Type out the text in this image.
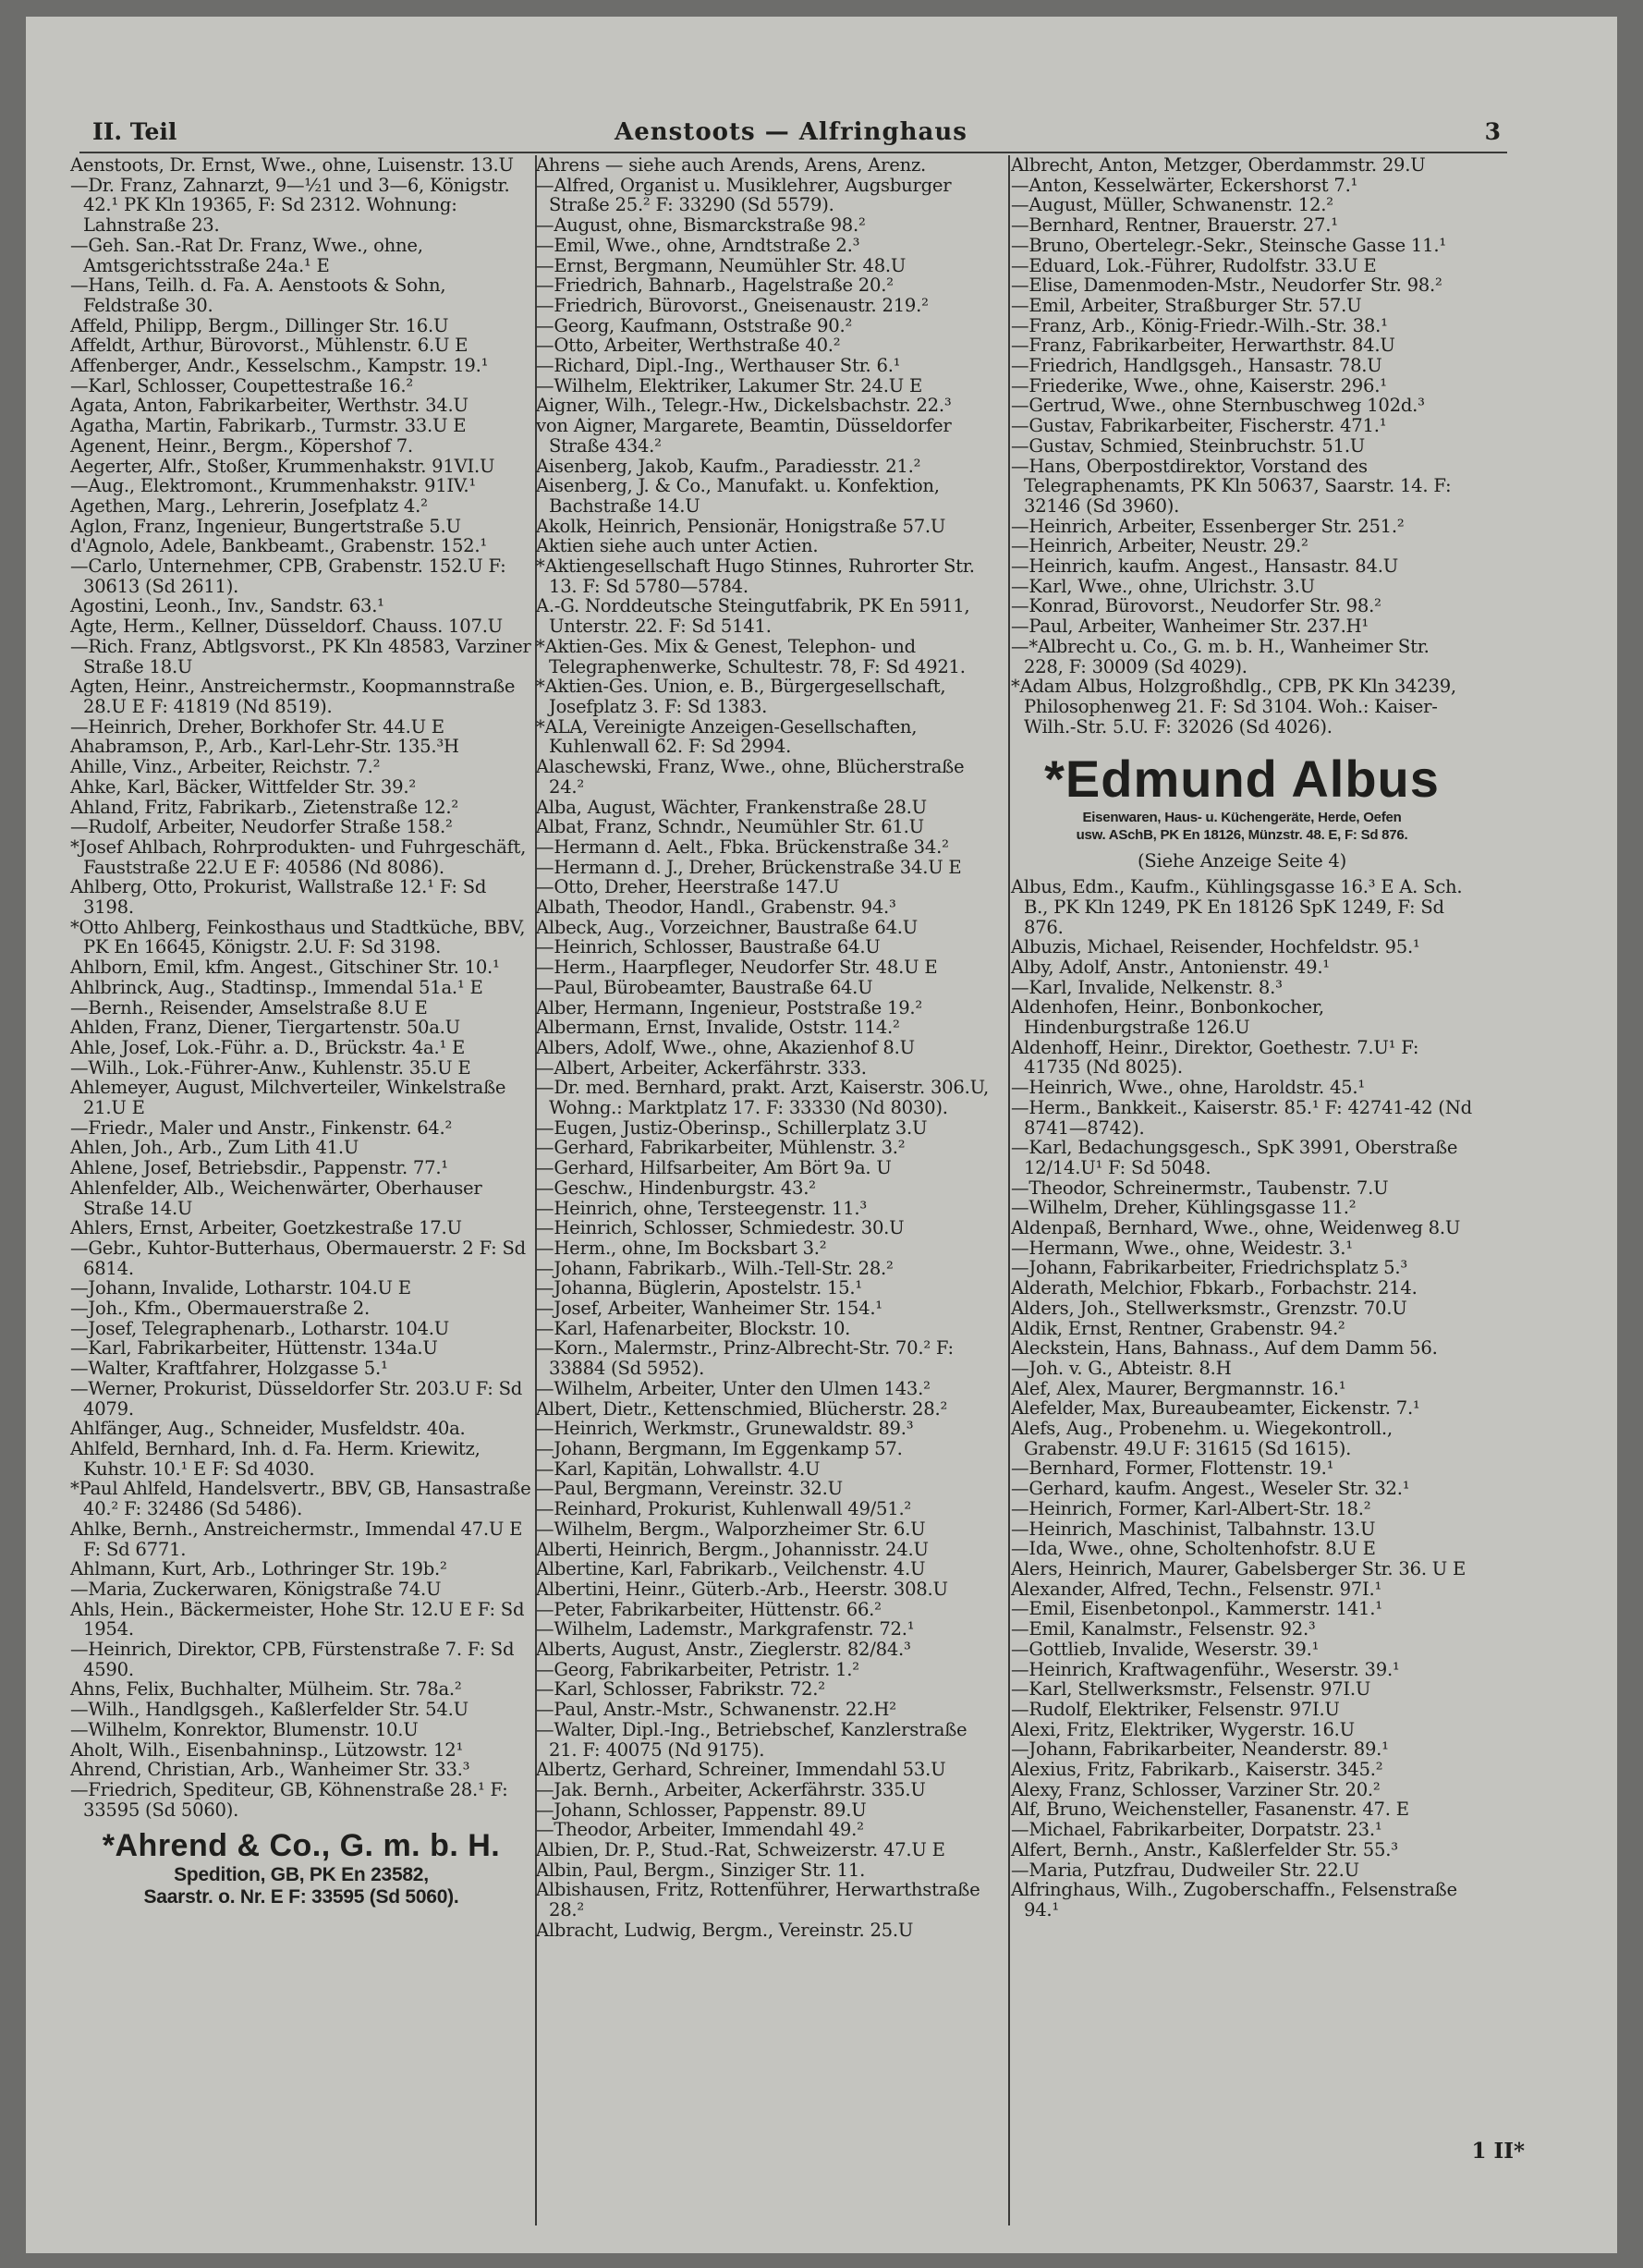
II. Teil	Aenstoots — Alfringhaus	3

Aenstoots, Dr. Ernst, Wwe., ohne, Luisenstr. 13.U

—Dr. Franz, Zahnarzt, 9—½1 und 3—6, Königstr. 42.¹ PK Kln 19365, F: Sd 2312. Wohnung: Lahnstraße 23.

—Geh. San.-Rat Dr. Franz, Wwe., ohne, Amtsgerichtsstraße 24a.¹ E

—Hans, Teilh. d. Fa. A. Aenstoots & Sohn, Feldstraße 30.

Affeld, Philipp, Bergm., Dillinger Str. 16.U

Affeldt, Arthur, Bürovorst., Mühlenstr. 6.U E

Affenberger, Andr., Kesselschm., Kampstr. 19.¹

—Karl, Schlosser, Coupettestraße 16.²

Agata, Anton, Fabrikarbeiter, Werthstr. 34.U

Agatha, Martin, Fabrikarb., Turmstr. 33.U E

Agenent, Heinr., Bergm., Köpershof 7.

Aegerter, Alfr., Stoßer, Krummenhakstr. 91VI.U

—Aug., Elektromont., Krummenhakstr. 91IV.¹

Agethen, Marg., Lehrerin, Josefplatz 4.²

Aglon, Franz, Ingenieur, Bungertstraße 5.U

d'Agnolo, Adele, Bankbeamt., Grabenstr. 152.¹

—Carlo, Unternehmer, CPB, Grabenstr. 152.U F: 30613 (Sd 2611).

Agostini, Leonh., Inv., Sandstr. 63.¹

Agte, Herm., Kellner, Düsseldorf. Chauss. 107.U

—Rich. Franz, Abtlgsvorst., PK Kln 48583, Varziner Straße 18.U

Agten, Heinr., Anstreichermstr., Koopmannstraße 28.U E F: 41819 (Nd 8519).

—Heinrich, Dreher, Borkhofer Str. 44.U E

Ahabramson, P., Arb., Karl-Lehr-Str. 135.³H

Ahille, Vinz., Arbeiter, Reichstr. 7.²

Ahke, Karl, Bäcker, Wittfelder Str. 39.²

Ahland, Fritz, Fabrikarb., Zietenstraße 12.²

—Rudolf, Arbeiter, Neudorfer Straße 158.²

*Josef Ahlbach, Rohrprodukten- und Fuhrgeschäft, Fauststraße 22.U E F: 40586 (Nd 8086).

Ahlberg, Otto, Prokurist, Wallstraße 12.¹ F: Sd 3198.

*Otto Ahlberg, Feinkosthaus und Stadtküche, BBV, PK En 16645, Königstr. 2.U. F: Sd 3198.

Ahlborn, Emil, kfm. Angest., Gitschiner Str. 10.¹

Ahlbrinck, Aug., Stadtinsp., Immendal 51a.¹ E

—Bernh., Reisender, Amselstraße 8.U E

Ahlden, Franz, Diener, Tiergartenstr. 50a.U

Ahle, Josef, Lok.-Führ. a. D., Brückstr. 4a.¹ E

—Wilh., Lok.-Führer-Anw., Kuhlenstr. 35.U E

Ahlemeyer, August, Milchverteiler, Winkelstraße 21.U E

—Friedr., Maler und Anstr., Finkenstr. 64.²

Ahlen, Joh., Arb., Zum Lith 41.U

Ahlene, Josef, Betriebsdir., Pappenstr. 77.¹

Ahlenfelder, Alb., Weichenwärter, Oberhauser Straße 14.U

Ahlers, Ernst, Arbeiter, Goetzkestraße 17.U

—Gebr., Kuhtor-Butterhaus, Obermauerstr. 2 F: Sd 6814.

—Johann, Invalide, Lotharstr. 104.U E

—Joh., Kfm., Obermauerstraße 2.

—Josef, Telegraphenarb., Lotharstr. 104.U

—Karl, Fabrikarbeiter, Hüttenstr. 134a.U

—Walter, Kraftfahrer, Holzgasse 5.¹

—Werner, Prokurist, Düsseldorfer Str. 203.U F: Sd 4079.

Ahlfänger, Aug., Schneider, Musfeldstr. 40a.

Ahlfeld, Bernhard, Inh. d. Fa. Herm. Kriewitz, Kuhstr. 10.¹ E F: Sd 4030.

*Paul Ahlfeld, Handelsvertr., BBV, GB, Hansastraße 40.² F: 32486 (Sd 5486).

Ahlke, Bernh., Anstreichermstr., Immendal 47.U E F: Sd 6771.

Ahlmann, Kurt, Arb., Lothringer Str. 19b.²

—Maria, Zuckerwaren, Königstraße 74.U

Ahls, Hein., Bäckermeister, Hohe Str. 12.U E F: Sd 1954.

—Heinrich, Direktor, CPB, Fürstenstraße 7. F: Sd 4590.

Ahns, Felix, Buchhalter, Mülheim. Str. 78a.²

—Wilh., Handlgsgeh., Kaßlerfelder Str. 54.U

—Wilhelm, Konrektor, Blumenstr. 10.U

Aholt, Wilh., Eisenbahninsp., Lützowstr. 12¹

Ahrend, Christian, Arb., Wanheimer Str. 33.³

—Friedrich, Spediteur, GB, Köhnenstraße 28.¹ F: 33595 (Sd 5060).

*Ahrend & Co., G. m. b. H.
Spedition, GB, PK En 23582,
Saarstr. o. Nr. E F: 33595 (Sd 5060).

Ahrens — siehe auch Arends, Arens, Arenz.

—Alfred, Organist u. Musiklehrer, Augsburger Straße 25.² F: 33290 (Sd 5579).

—August, ohne, Bismarckstraße 98.²

—Emil, Wwe., ohne, Arndtstraße 2.³

—Ernst, Bergmann, Neumühler Str. 48.U

—Friedrich, Bahnarb., Hagelstraße 20.²

—Friedrich, Bürovorst., Gneisenaustr. 219.²

—Georg, Kaufmann, Oststraße 90.²

—Otto, Arbeiter, Werthstraße 40.²

—Richard, Dipl.-Ing., Werthauser Str. 6.¹

—Wilhelm, Elektriker, Lakumer Str. 24.U E

Aigner, Wilh., Telegr.-Hw., Dickelsbachstr. 22.³

von Aigner, Margarete, Beamtin, Düsseldorfer Straße 434.²

Aisenberg, Jakob, Kaufm., Paradiesstr. 21.²

Aisenberg, J. & Co., Manufakt. u. Konfektion, Bachstraße 14.U

Akolk, Heinrich, Pensionär, Honigstraße 57.U

Aktien siehe auch unter Actien.

*Aktiengesellschaft Hugo Stinnes, Ruhrorter Str. 13. F: Sd 5780—5784.

A.-G. Norddeutsche Steingutfabrik, PK En 5911, Unterstr. 22. F: Sd 5141.

*Aktien-Ges. Mix & Genest, Telephon- und Telegraphenwerke, Schultestr. 78, F: Sd 4921.

*Aktien-Ges. Union, e. B., Bürgergesellschaft, Josefplatz 3. F: Sd 1383.

*ALA, Vereinigte Anzeigen-Gesellschaften, Kuhlenwall 62. F: Sd 2994.

Alaschewski, Franz, Wwe., ohne, Blücherstraße 24.²

Alba, August, Wächter, Frankenstraße 28.U

Albat, Franz, Schndr., Neumühler Str. 61.U

—Hermann d. Aelt., Fbka. Brückenstraße 34.²

—Hermann d. J., Dreher, Brückenstraße 34.U E

—Otto, Dreher, Heerstraße 147.U

Albath, Theodor, Handl., Grabenstr. 94.³

Albeck, Aug., Vorzeichner, Baustraße 64.U

—Heinrich, Schlosser, Baustraße 64.U

—Herm., Haarpfleger, Neudorfer Str. 48.U E

—Paul, Bürobeamter, Baustraße 64.U

Alber, Hermann, Ingenieur, Poststraße 19.²

Albermann, Ernst, Invalide, Oststr. 114.²

Albers, Adolf, Wwe., ohne, Akazienhof 8.U

—Albert, Arbeiter, Ackerfährstr. 333.

—Dr. med. Bernhard, prakt. Arzt, Kaiserstr. 306.U, Wohng.: Marktplatz 17. F: 33330 (Nd 8030).

—Eugen, Justiz-Oberinsp., Schillerplatz 3.U

—Gerhard, Fabrikarbeiter, Mühlenstr. 3.²

—Gerhard, Hilfsarbeiter, Am Bört 9a. U

—Geschw., Hindenburgstr. 43.²

—Heinrich, ohne, Tersteegenstr. 11.³

—Heinrich, Schlosser, Schmiedestr. 30.U

—Herm., ohne, Im Bocksbart 3.²

—Johann, Fabrikarb., Wilh.-Tell-Str. 28.²

—Johanna, Büglerin, Apostelstr. 15.¹

—Josef, Arbeiter, Wanheimer Str. 154.¹

—Karl, Hafenarbeiter, Blockstr. 10.

—Korn., Malermstr., Prinz-Albrecht-Str. 70.² F: 33884 (Sd 5952).

—Wilhelm, Arbeiter, Unter den Ulmen 143.²

Albert, Dietr., Kettenschmied, Blücherstr. 28.²

—Heinrich, Werkmstr., Grunewaldstr. 89.³

—Johann, Bergmann, Im Eggenkamp 57.

—Karl, Kapitän, Lohwallstr. 4.U

—Paul, Bergmann, Vereinstr. 32.U

—Reinhard, Prokurist, Kuhlenwall 49/51.²

—Wilhelm, Bergm., Walporzheimer Str. 6.U

Alberti, Heinrich, Bergm., Johannisstr. 24.U

Albertine, Karl, Fabrikarb., Veilchenstr. 4.U

Albertini, Heinr., Güterb.-Arb., Heerstr. 308.U

—Peter, Fabrikarbeiter, Hüttenstr. 66.²

—Wilhelm, Lademstr., Markgrafenstr. 72.¹

Alberts, August, Anstr., Zieglerstr. 82/84.³

—Georg, Fabrikarbeiter, Petristr. 1.²

—Karl, Schlosser, Fabrikstr. 72.²

—Paul, Anstr.-Mstr., Schwanenstr. 22.H²

—Walter, Dipl.-Ing., Betriebschef, Kanzlerstraße 21. F: 40075 (Nd 9175).

Albertz, Gerhard, Schreiner, Immendahl 53.U

—Jak. Bernh., Arbeiter, Ackerfährstr. 335.U

—Johann, Schlosser, Pappenstr. 89.U

—Theodor, Arbeiter, Immendahl 49.²

Albien, Dr. P., Stud.-Rat, Schweizerstr. 47.U E

Albin, Paul, Bergm., Sinziger Str. 11.

Albishausen, Fritz, Rottenführer, Herwarthstraße 28.²

Albracht, Ludwig, Bergm., Vereinstr. 25.U

Albrecht, Anton, Metzger, Oberdammstr. 29.U

—Anton, Kesselwärter, Eckershorst 7.¹

—August, Müller, Schwanenstr. 12.²

—Bernhard, Rentner, Brauerstr. 27.¹

—Bruno, Obertelegr.-Sekr., Steinsche Gasse 11.¹

—Eduard, Lok.-Führer, Rudolfstr. 33.U E

—Elise, Damenmoden-Mstr., Neudorfer Str. 98.²

—Emil, Arbeiter, Straßburger Str. 57.U

—Franz, Arb., König-Friedr.-Wilh.-Str. 38.¹

—Franz, Fabrikarbeiter, Herwarthstr. 84.U

—Friedrich, Handlgsgeh., Hansastr. 78.U

—Friederike, Wwe., ohne, Kaiserstr. 296.¹

—Gertrud, Wwe., ohne Sternbuschweg 102d.³

—Gustav, Fabrikarbeiter, Fischerstr. 471.¹

—Gustav, Schmied, Steinbruchstr. 51.U

—Hans, Oberpostdirektor, Vorstand des Telegraphenamts, PK Kln 50637, Saarstr. 14. F: 32146 (Sd 3960).

—Heinrich, Arbeiter, Essenberger Str. 251.²

—Heinrich, Arbeiter, Neustr. 29.²

—Heinrich, kaufm. Angest., Hansastr. 84.U

—Karl, Wwe., ohne, Ulrichstr. 3.U

—Konrad, Bürovorst., Neudorfer Str. 98.²

—Paul, Arbeiter, Wanheimer Str. 237.H¹

—*Albrecht u. Co., G. m. b. H., Wanheimer Str. 228, F: 30009 (Sd 4029).

*Adam Albus, Holzgroßhdlg., CPB, PK Kln 34239, Philosophenweg 21. F: Sd 3104. Woh.: Kaiser-Wilh.-Str. 5.U. F: 32026 (Sd 4026).

*Edmund Albus
Eisenwaren, Haus- u. Küchengeräte, Herde, Oefen
usw. ASchB, PK En 18126, Münzstr. 48. E, F: Sd 876.
(Siehe Anzeige Seite 4)

Albus, Edm., Kaufm., Kühlingsgasse 16.³ E A. Sch. B., PK Kln 1249, PK En 18126 SpK 1249, F: Sd 876.

Albuzis, Michael, Reisender, Hochfeldstr. 95.¹

Alby, Adolf, Anstr., Antonienstr. 49.¹

—Karl, Invalide, Nelkenstr. 8.³

Aldenhofen, Heinr., Bonbonkocher, Hindenburgstraße 126.U

Aldenhoff, Heinr., Direktor, Goethestr. 7.U¹ F: 41735 (Nd 8025).

—Heinrich, Wwe., ohne, Haroldstr. 45.¹

—Herm., Bankkeit., Kaiserstr. 85.¹ F: 42741-42 (Nd 8741—8742).

—Karl, Bedachungsgesch., SpK 3991, Oberstraße 12/14.U¹ F: Sd 5048.

—Theodor, Schreinermstr., Taubenstr. 7.U

—Wilhelm, Dreher, Kühlingsgasse 11.²

Aldenpaß, Bernhard, Wwe., ohne, Weidenweg 8.U

—Hermann, Wwe., ohne, Weidestr. 3.¹

—Johann, Fabrikarbeiter, Friedrichsplatz 5.³

Alderath, Melchior, Fbkarb., Forbachstr. 214.

Alders, Joh., Stellwerksmstr., Grenzstr. 70.U

Aldik, Ernst, Rentner, Grabenstr. 94.²

Aleckstein, Hans, Bahnass., Auf dem Damm 56.

—Joh. v. G., Abteistr. 8.H

Alef, Alex, Maurer, Bergmannstr. 16.¹

Alefelder, Max, Bureaubeamter, Eickenstr. 7.¹

Alefs, Aug., Probenehm. u. Wiegekontroll., Grabenstr. 49.U F: 31615 (Sd 1615).

—Bernhard, Former, Flottenstr. 19.¹

—Gerhard, kaufm. Angest., Weseler Str. 32.¹

—Heinrich, Former, Karl-Albert-Str. 18.²

—Heinrich, Maschinist, Talbahnstr. 13.U

—Ida, Wwe., ohne, Scholtenhofstr. 8.U E

Alers, Heinrich, Maurer, Gabelsberger Str. 36. U E

Alexander, Alfred, Techn., Felsenstr. 97I.¹

—Emil, Eisenbetonpol., Kammerstr. 141.¹

—Emil, Kanalmstr., Felsenstr. 92.³

—Gottlieb, Invalide, Weserstr. 39.¹

—Heinrich, Kraftwagenführ., Weserstr. 39.¹

—Karl, Stellwerksmstr., Felsenstr. 97I.U

—Rudolf, Elektriker, Felsenstr. 97I.U

Alexi, Fritz, Elektriker, Wygerstr. 16.U

—Johann, Fabrikarbeiter, Neanderstr. 89.¹

Alexius, Fritz, Fabrikarb., Kaiserstr. 345.²

Alexy, Franz, Schlosser, Varziner Str. 20.²

Alf, Bruno, Weichensteller, Fasanenstr. 47. E

—Michael, Fabrikarbeiter, Dorpatstr. 23.¹

Alfert, Bernh., Anstr., Kaßlerfelder Str. 55.³

—Maria, Putzfrau, Dudweiler Str. 22.U

Alfringhaus, Wilh., Zugoberschaffn., Felsenstraße 94.¹

1 II*
